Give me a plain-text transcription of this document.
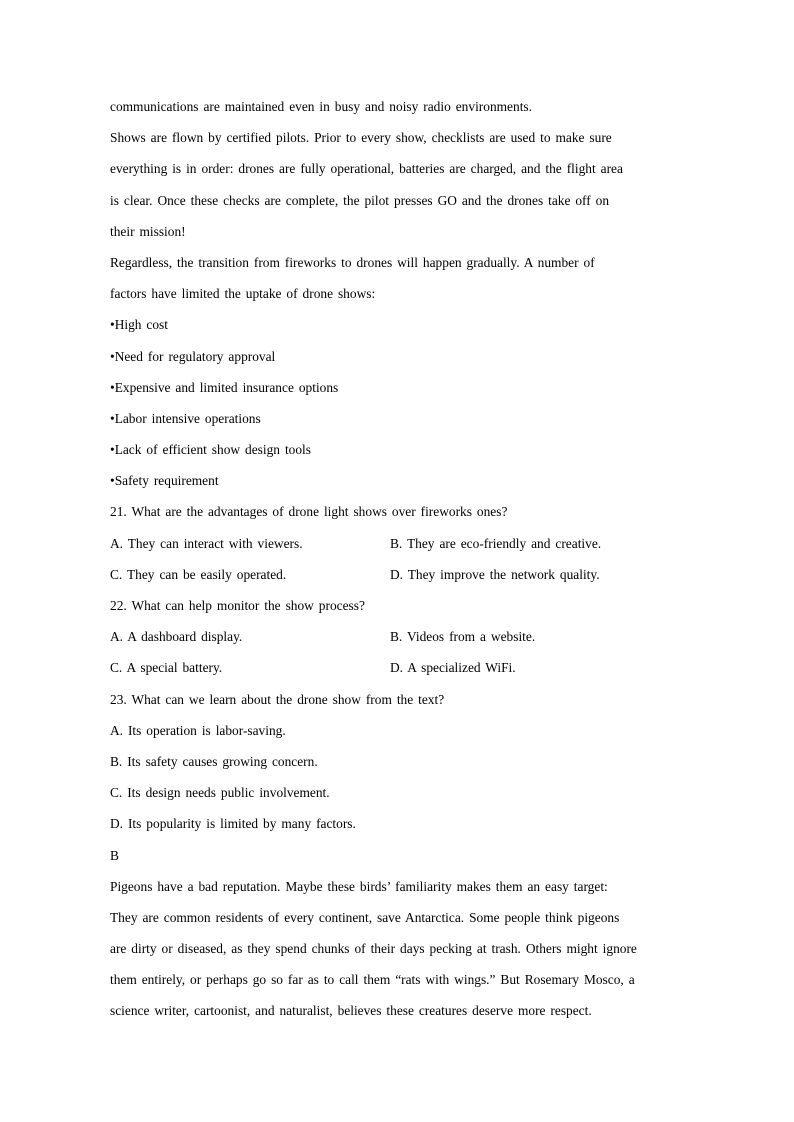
communications are maintained even in busy and noisy radio environments.
Shows are flown by certified pilots. Prior to every show, checklists are used to make sure
everything is in order: drones are fully operational, batteries are charged, and the flight area
is clear. Once these checks are complete, the pilot presses GO and the drones take off on
their mission!
Regardless, the transition from fireworks to drones will happen gradually. A number of
factors have limited the uptake of drone shows:
•High cost
•Need for regulatory approval
•Expensive and limited insurance options
•Labor intensive operations
•Lack of efficient show design tools
•Safety requirement
21. What are the advantages of drone light shows over fireworks ones?
A. They can interact with viewers.	B. They are eco-friendly and creative.
C. They can be easily operated.	D. They improve the network quality.
22. What can help monitor the show process?
A. A dashboard display.	B. Videos from a website.
C. A special battery.	D. A specialized WiFi.
23. What can we learn about the drone show from the text?
A. Its operation is labor-saving.
B. Its safety causes growing concern.
C. Its design needs public involvement.
D. Its popularity is limited by many factors.
B
Pigeons have a bad reputation. Maybe these birds’ familiarity makes them an easy target:
They are common residents of every continent, save Antarctica. Some people think pigeons
are dirty or diseased, as they spend chunks of their days pecking at trash. Others might ignore
them entirely, or perhaps go so far as to call them “rats with wings.” But Rosemary Mosco, a
science writer, cartoonist, and naturalist, believes these creatures deserve more respect.
